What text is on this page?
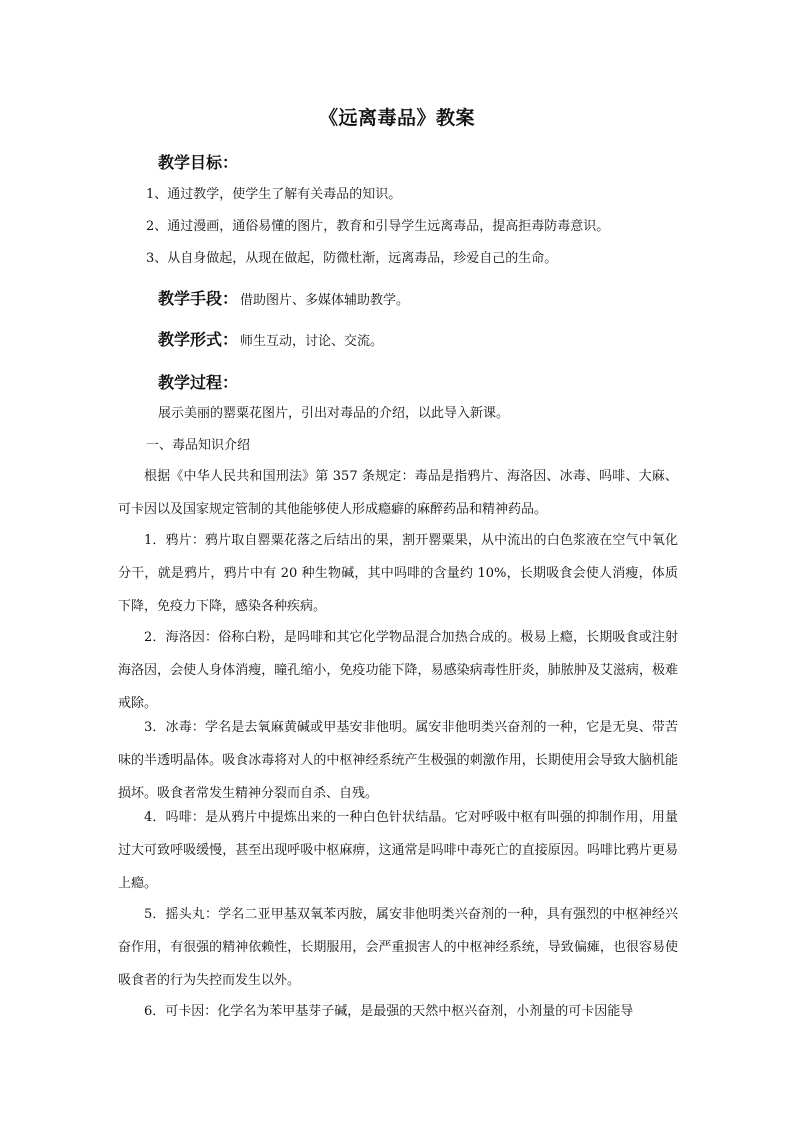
《远离毒品》教案
教学目标：
1、通过教学，使学生了解有关毒品的知识。
2、通过漫画，通俗易懂的图片，教育和引导学生远离毒品，提高拒毒防毒意识。
3、从自身做起，从现在做起，防微杜渐，远离毒品，珍爱自己的生命。
教学手段： 借助图片、多媒体辅助教学。
教学形式： 师生互动，讨论、交流。
教学过程：
展示美丽的罂粟花图片，引出对毒品的介绍，以此导入新课。
一、毒品知识介绍
根据《中华人民共和国刑法》第 357 条规定：毒品是指鸦片、海洛因、冰毒、吗啡、大麻、可卡因以及国家规定管制的其他能够使人形成瘾癖的麻醉药品和精神药品。
1．鸦片：鸦片取自罂粟花落之后结出的果，割开罂粟果，从中流出的白色浆液在空气中氧化分干，就是鸦片，鸦片中有 20 种生物碱，其中吗啡的含量约 10%，长期吸食会使人消瘦，体质下降，免疫力下降，感染各种疾病。
2．海洛因：俗称白粉，是吗啡和其它化学物品混合加热合成的。极易上瘾，长期吸食或注射海洛因，会使人身体消瘦，瞳孔缩小，免疫功能下降，易感染病毒性肝炎，肺脓肿及艾滋病，极难戒除。
3．冰毒：学名是去氧麻黄碱或甲基安非他明。属安非他明类兴奋剂的一种，它是无臭、带苦味的半透明晶体。吸食冰毒将对人的中枢神经系统产生极强的刺激作用，长期使用会导致大脑机能损坏。吸食者常发生精神分裂而自杀、自残。
4．吗啡：是从鸦片中提炼出来的一种白色针状结晶。它对呼吸中枢有叫强的抑制作用，用量过大可致呼吸缓慢，甚至出现呼吸中枢麻痹，这通常是吗啡中毒死亡的直接原因。吗啡比鸦片更易上瘾。
5．摇头丸：学名二亚甲基双氧苯丙胺，属安非他明类兴奋剂的一种，具有强烈的中枢神经兴奋作用，有很强的精神依赖性，长期服用，会严重损害人的中枢神经系统，导致偏瘫，也很容易使吸食者的行为失控而发生以外。
6．可卡因：化学名为苯甲基芽子碱，是最强的天然中枢兴奋剂，小剂量的可卡因能导
